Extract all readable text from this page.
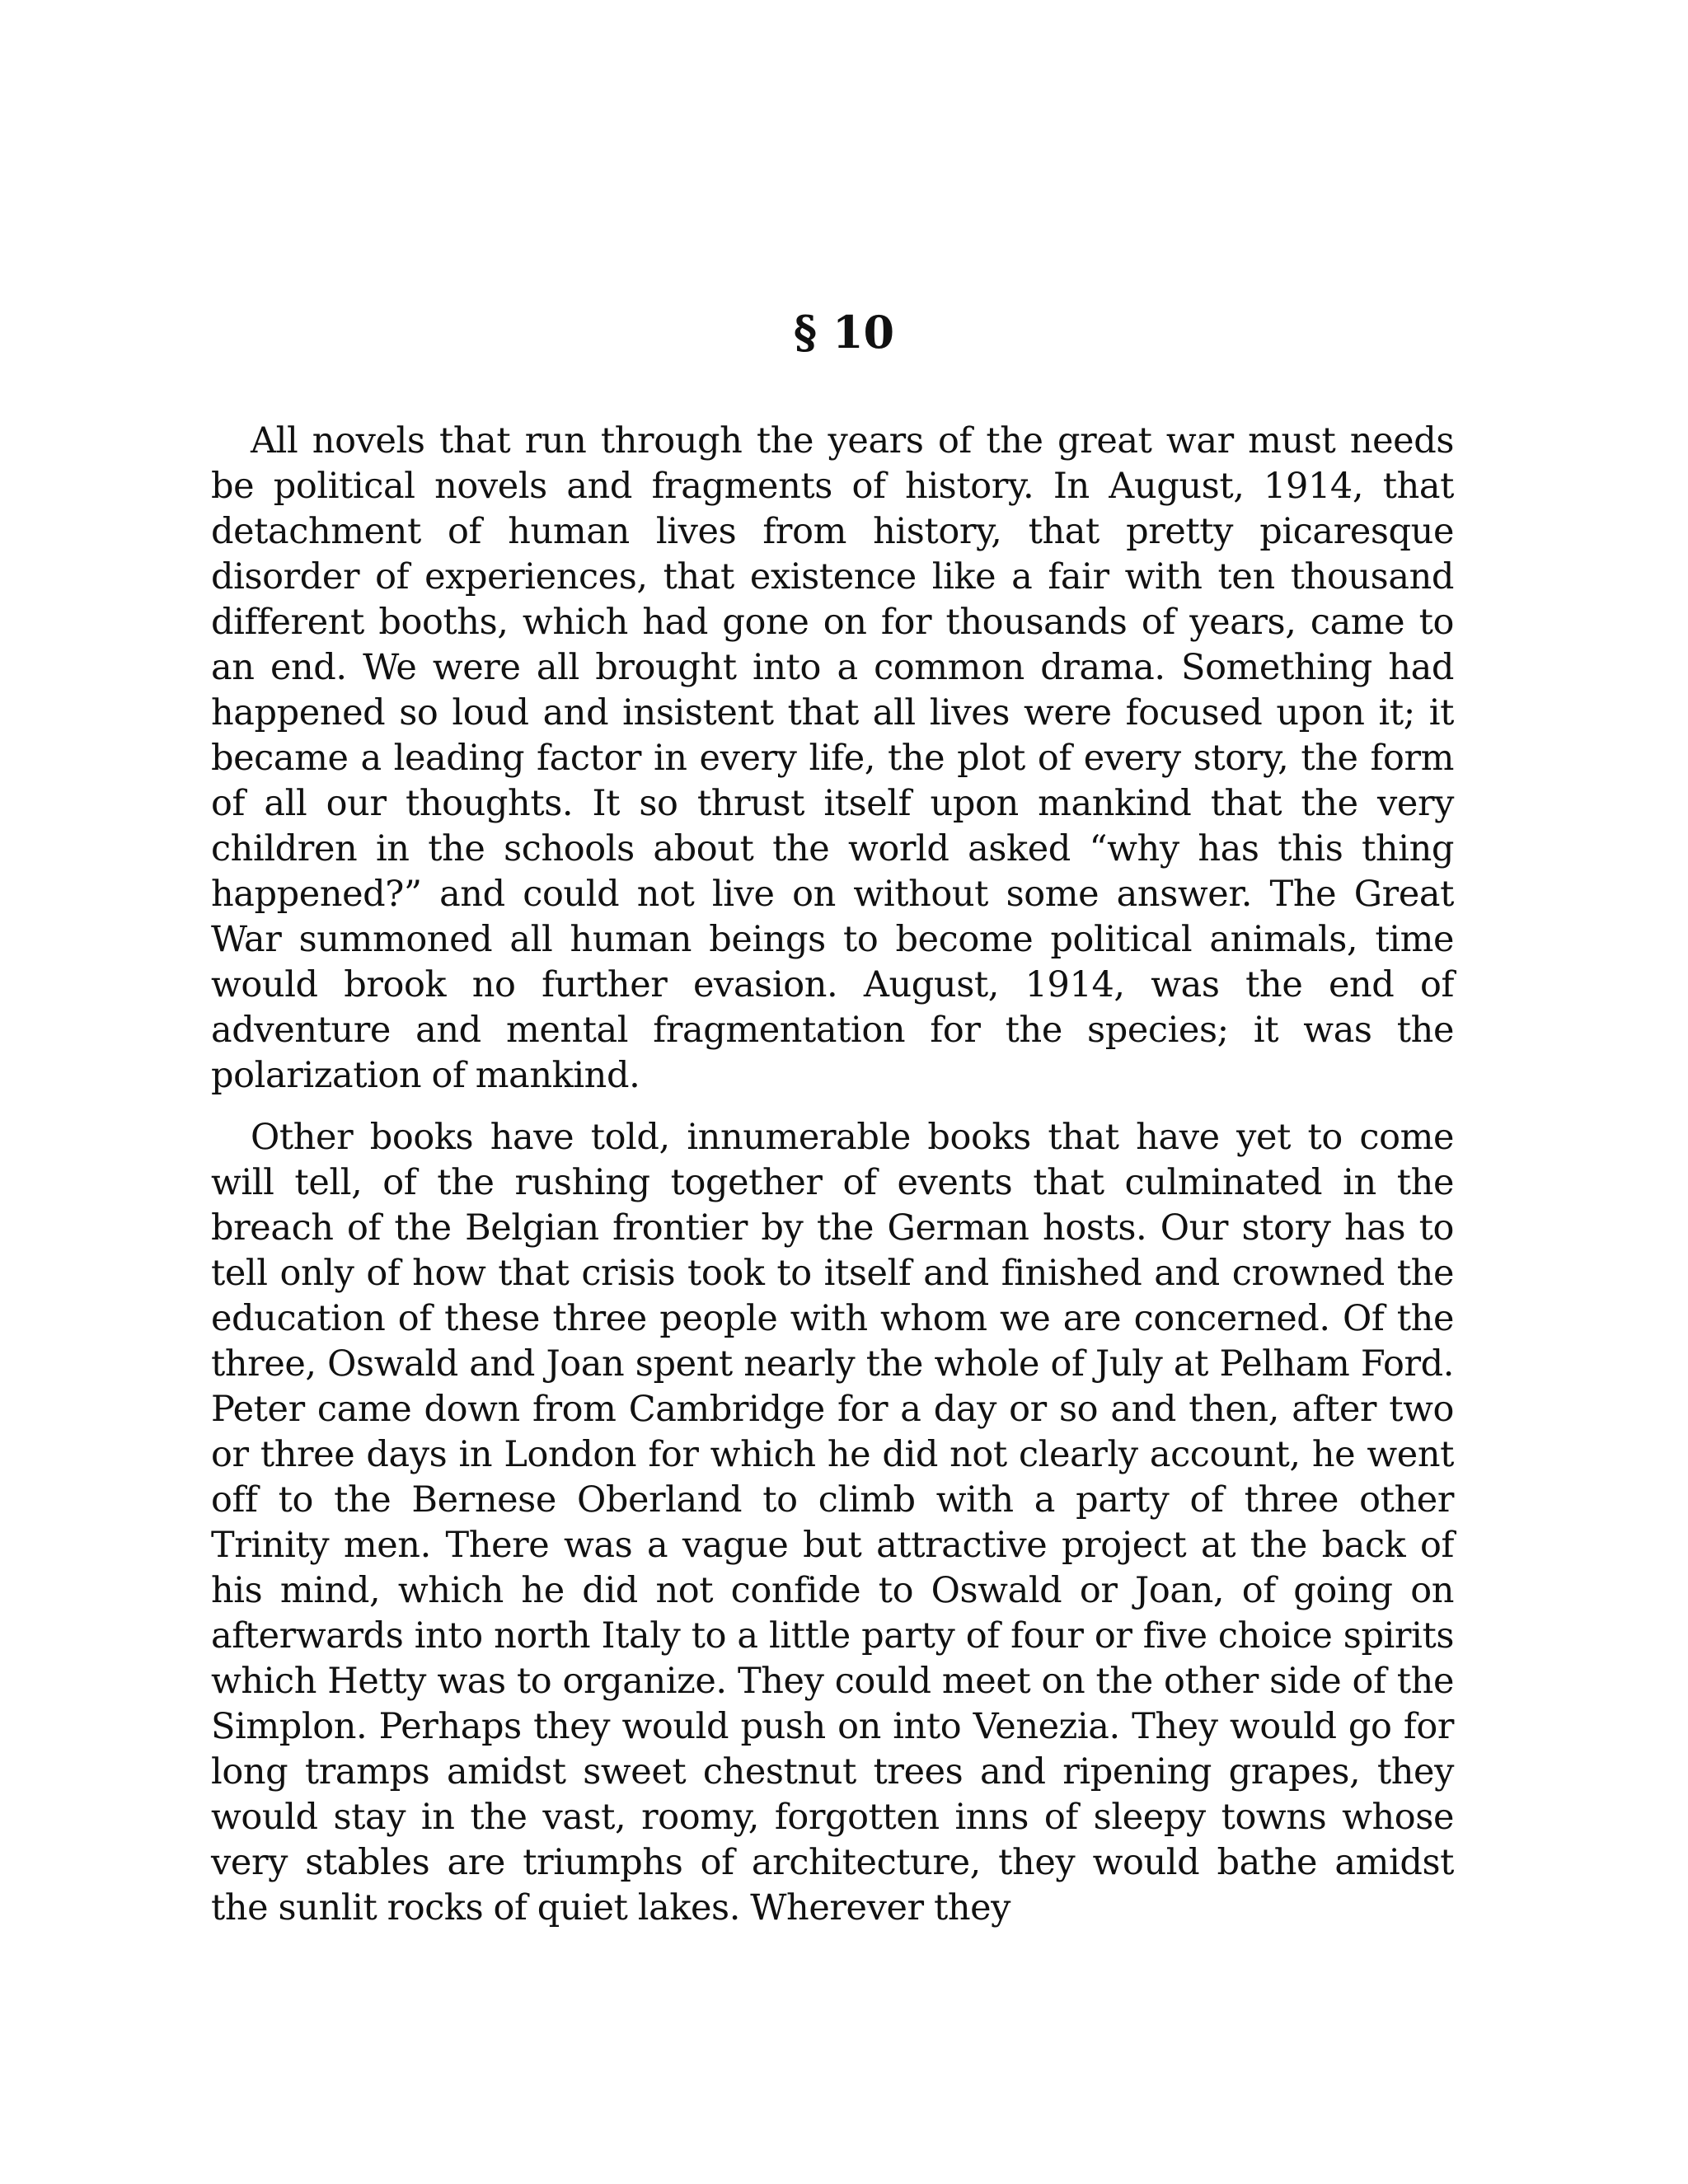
§ 10

All novels that run through the years of the great war must needs be political novels and fragments of history. In August, 1914, that detachment of human lives from history, that pretty picaresque disorder of experiences, that existence like a fair with ten thousand different booths, which had gone on for thousands of years, came to an end. We were all brought into a common drama. Something had happened so loud and insistent that all lives were focused upon it; it became a leading factor in every life, the plot of every story, the form of all our thoughts. It so thrust itself upon mankind that the very children in the schools about the world asked “why has this thing happened?” and could not live on without some answer. The Great War summoned all human beings to become political animals, time would brook no further evasion. August, 1914, was the end of adventure and mental fragmentation for the species; it was the polarization of mankind.

Other books have told, innumerable books that have yet to come will tell, of the rushing together of events that culminated in the breach of the Belgian frontier by the German hosts. Our story has to tell only of how that crisis took to itself and finished and crowned the education of these three people with whom we are concerned. Of the three, Oswald and Joan spent nearly the whole of July at Pelham Ford. Peter came down from Cambridge for a day or so and then, after two or three days in London for which he did not clearly account, he went off to the Bernese Oberland to climb with a party of three other Trinity men. There was a vague but attractive project at the back of his mind, which he did not confide to Oswald or Joan, of going on afterwards into north Italy to a little party of four or five choice spirits which Hetty was to organize. They could meet on the other side of the Simplon. Perhaps they would push on into Venezia. They would go for long tramps amidst sweet chestnut trees and ripening grapes, they would stay in the vast, roomy, forgotten inns of sleepy towns whose very stables are triumphs of architecture, they would bathe amidst the sunlit rocks of quiet lakes. Wherever they
